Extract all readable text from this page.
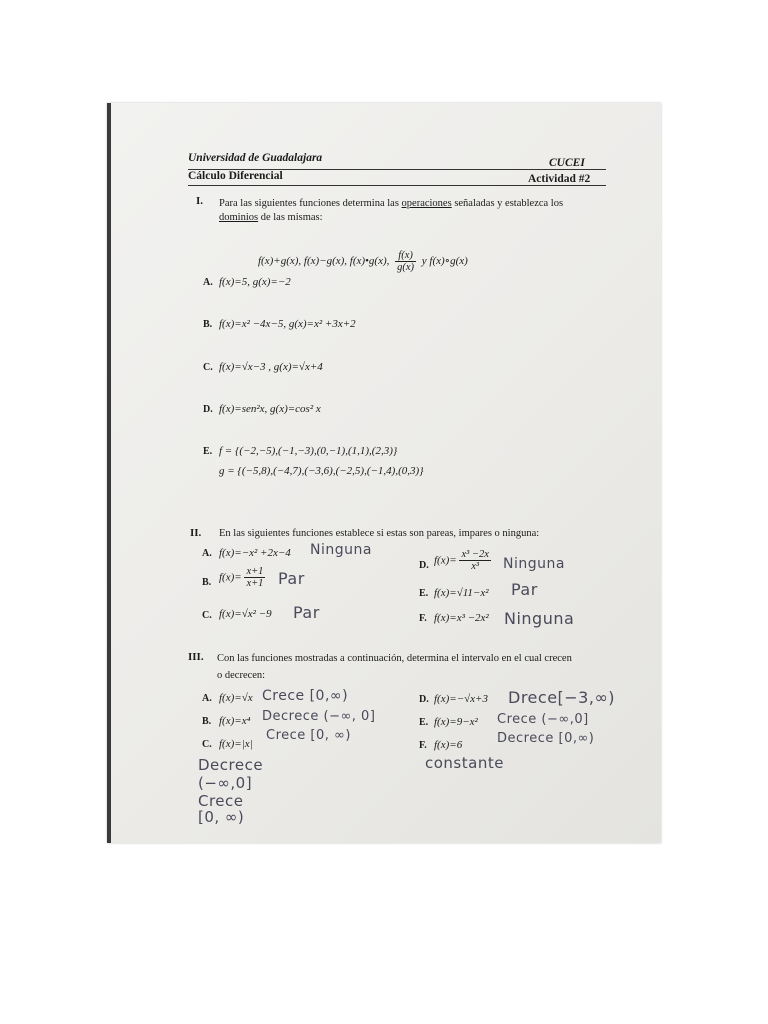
Universidad de Guadalajara	CUCEI
Cálculo Diferencial	Actividad #2
I. Para las siguientes funciones determina las operaciones señaladas y establezca los
dominios de las mismas:
f(x)+g(x), f(x)−g(x), f(x)•g(x), $\frac{f(x)}{g(x)}$ y f(x)∘g(x)
A. f(x)=5, g(x)=−2
B. f(x)=x² −4x−5, g(x)=x² +3x+2
C. f(x)=√x−3 , g(x)=√x+4
D. f(x)=sen²x, g(x)=cos² x
E. f = {(−2,−5),(−1,−3),(0,−1),(1,1),(2,3)}
g = {(−5,8),(−4,7),(−3,6),(−2,5),(−1,4),(0,3)}
II. En las siguientes funciones establece si estas son pareas, impares o ninguna:
A. f(x)=−x² +2x−4 Ninguna
B. $f(x)= \frac{x+1}{x+1}$ Par
C. f(x)=√x² −9 Par
D. $f(x)= \frac{\text{x³ −2x}}{\text{x³}}$ Ninguna
E. f(x)=√11−x² Par
F. f(x)=x³ −2x² Ninguna
III. Con las funciones mostradas a continuación, determina el intervalo en el cual crecen
o decrecen:
A. f(x)=√x Crece [0,∞)
B. f(x)=x⁴ Decrece (−∞, 0]
Crece [0, ∞)
C. f(x)=|x|
Decrece
(−∞,0]
Crece
[0, ∞)
D. f(x)=−√x+3 Drece[−3,∞)
E. f(x)=9−x² Crece (−∞,0]
Decrece [0,∞)
F. f(x)=6
constante
